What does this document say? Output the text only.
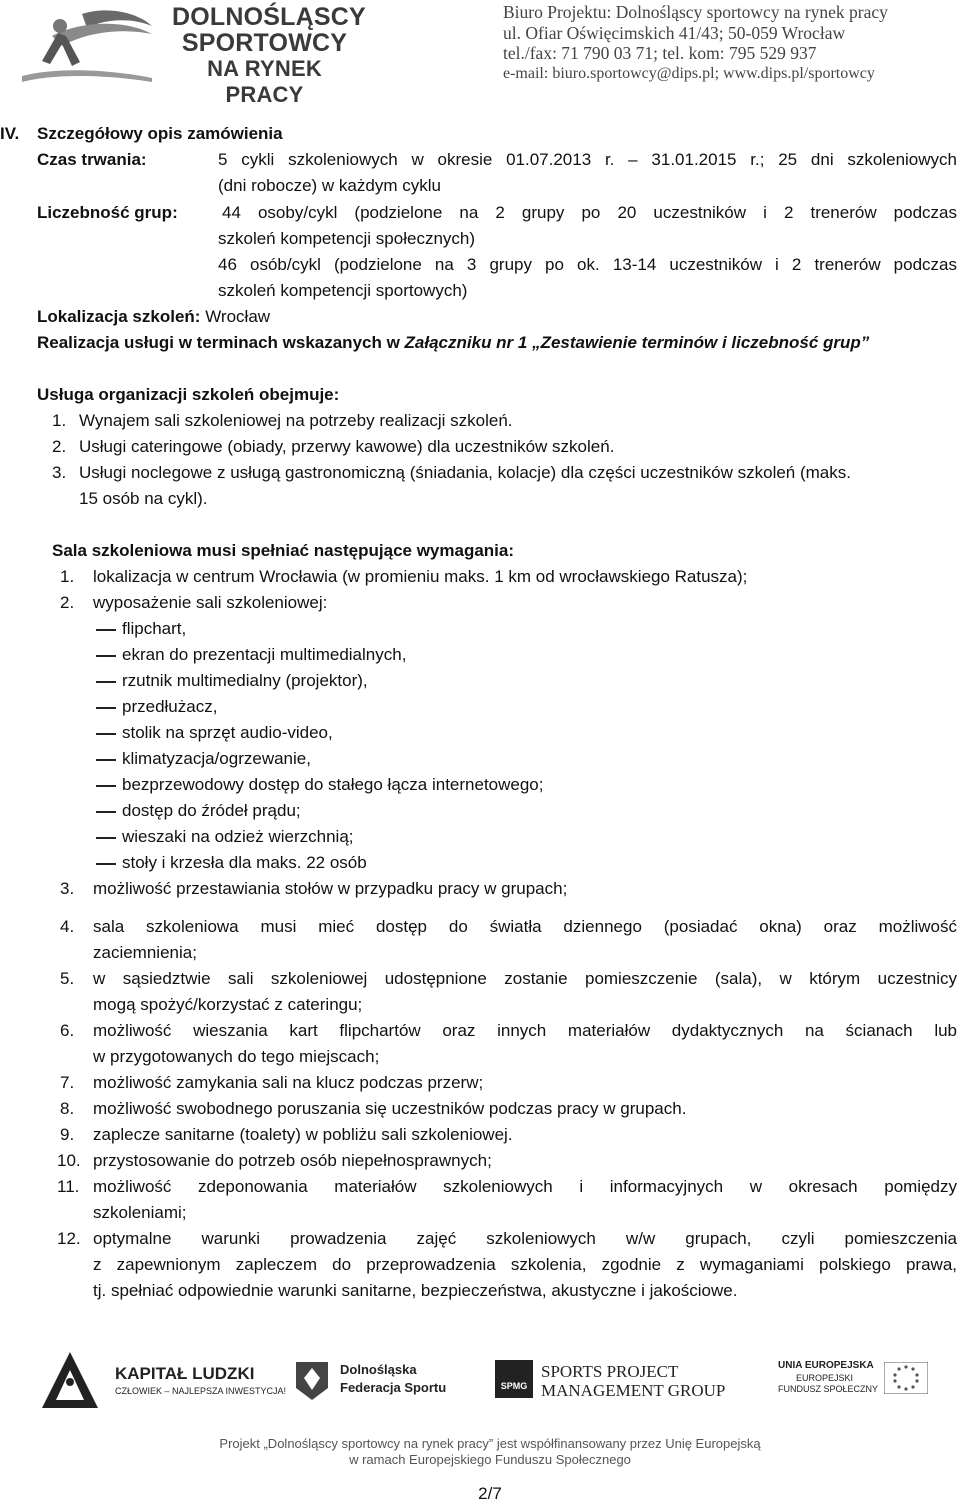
DOLNOŚLĄSCY
SPORTOWCY
NA RYNEK PRACY
Biuro Projektu: Dolnośląscy sportowcy na rynek pracy
ul. Ofiar Oświęcimskich 41/43; 50-059 Wrocław
tel./fax: 71 790 03 71; tel. kom: 795 529 937
e-mail: biuro.sportowcy@dips.pl; www.dips.pl/sportowcy
IV. Szczegółowy opis zamówienia
Czas trwania:	5 cykli szkoleniowych w okresie 01.07.2013 r. – 31.01.2015 r.; 25 dni szkoleniowych
(dni robocze) w każdym cyklu
Liczebność grup:	44 osoby/cykl (podzielone na 2 grupy po 20 uczestników i 2 trenerów podczas
szkoleń kompetencji społecznych)
46 osób/cykl (podzielone na 3 grupy po ok. 13-14 uczestników i 2 trenerów podczas
szkoleń kompetencji sportowych)
Lokalizacja szkoleń: Wrocław
Realizacja usługi w terminach wskazanych w Załączniku nr 1 „Zestawienie terminów i liczebność grup”
Usługa organizacji szkoleń obejmuje:
1. Wynajem sali szkoleniowej na potrzeby realizacji szkoleń.
2. Usługi cateringowe (obiady, przerwy kawowe) dla uczestników szkoleń.
3. Usługi noclegowe z usługą gastronomiczną (śniadania, kolacje) dla części uczestników szkoleń (maks.
15 osób na cykl).
Sala szkoleniowa musi spełniać następujące wymagania:
1. lokalizacja w centrum Wrocławia (w promieniu maks. 1 km od wrocławskiego Ratusza);
2. wyposażenie sali szkoleniowej:
flipchart,
ekran do prezentacji multimedialnych,
rzutnik multimedialny (projektor),
przedłużacz,
stolik na sprzęt audio-video,
klimatyzacja/ogrzewanie,
bezprzewodowy dostęp do stałego łącza internetowego;
dostęp do źródeł prądu;
wieszaki na odzież wierzchnią;
stoły i krzesła dla maks. 22 osób
3. możliwość przestawiania stołów w przypadku pracy w grupach;
4. sala szkoleniowa musi mieć dostęp do światła dziennego (posiadać okna) oraz możliwość
zaciemnienia;
5. w sąsiedztwie sali szkoleniowej udostępnione zostanie pomieszczenie (sala), w którym uczestnicy
mogą spożyć/korzystać z cateringu;
6. możliwość wieszania kart flipchartów oraz innych materiałów dydaktycznych na ścianach lub
w przygotowanych do tego miejscach;
7. możliwość zamykania sali na klucz podczas przerw;
8. możliwość swobodnego poruszania się uczestników podczas pracy w grupach.
9. zaplecze sanitarne (toalety) w pobliżu sali szkoleniowej.
10. przystosowanie do potrzeb osób niepełnosprawnych;
11. możliwość zdeponowania materiałów szkoleniowych i informacyjnych w okresach pomiędzy
szkoleniami;
12. optymalne warunki prowadzenia zajęć szkoleniowych w/w grupach, czyli pomieszczenia
z zapewnionym zapleczem do przeprowadzenia szkolenia, zgodnie z wymaganiami polskiego prawa,
tj. spełniać odpowiednie warunki sanitarne, bezpieczeństwa, akustyczne i jakościowe.
KAPITAŁ LUDZKI
CZŁOWIEK – NAJLEPSZA INWESTYCJA!
Dolnośląska
Federacja Sportu	SPMG
SPORTS PROJECT
MANAGEMENT GROUP
UNIA EUROPEJSKA
EUROPEJSKI
FUNDUSZ SPOŁECZNY
Projekt „Dolnośląscy sportowcy na rynek pracy” jest współfinansowany przez Unię Europejską
w ramach Europejskiego Funduszu Społecznego
2/7
